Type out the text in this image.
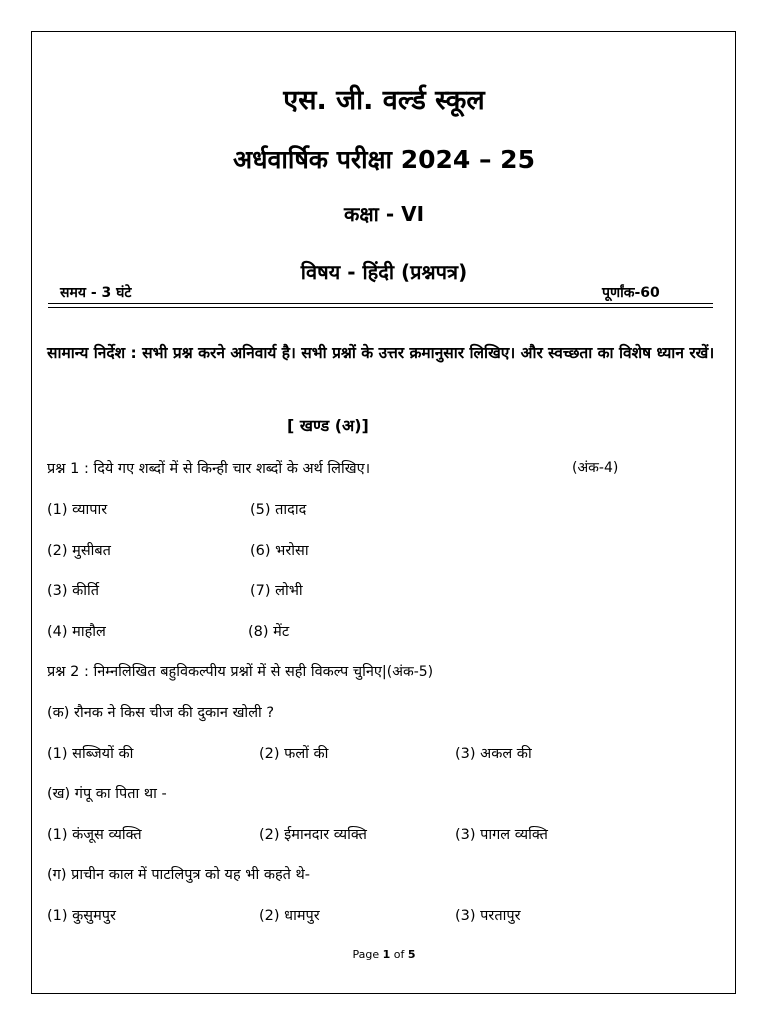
एस. जी. वर्ल्ड स्कूल
अर्धवार्षिक परीक्षा 2024 – 25
कक्षा - VI
विषय - हिंदी (प्रश्नपत्र)
समय - 3 घंटे	पूर्णांक-60
सामान्य निर्देश : सभी प्रश्न करने अनिवार्य है। सभी प्रश्नों के उत्तर क्रमानुसार लिखिए। और स्वच्छता का विशेष ध्यान रखें।
[ खण्ड (अ)]
प्रश्न 1 : दिये गए शब्दों में से किन्ही चार शब्दों के अर्थ लिखिए।	(अंक-4)
(1) व्यापार	(5) तादाद
(2) मुसीबत	(6) भरोसा
(3) कीर्ति	(7) लोभी
(4) माहौल	(8) मेंट
प्रश्न 2 : निम्नलिखित बहुविकल्पीय प्रश्नों में से सही विकल्प चुनिए|(अंक-5)
(क) रौनक ने किस चीज की दुकान खोली ?
(1) सब्जियों की	(2) फलों की	(3) अकल की
(ख) गंपू का पिता था -
(1) कंजूस व्यक्ति	(2) ईमानदार व्यक्ति	(3) पागल व्यक्ति
(ग) प्राचीन काल में पाटलिपुत्र को यह भी कहते थे-
(1) कुसुमपुर	(2) धामपुर	(3) परतापुर
Page 1 of 5
